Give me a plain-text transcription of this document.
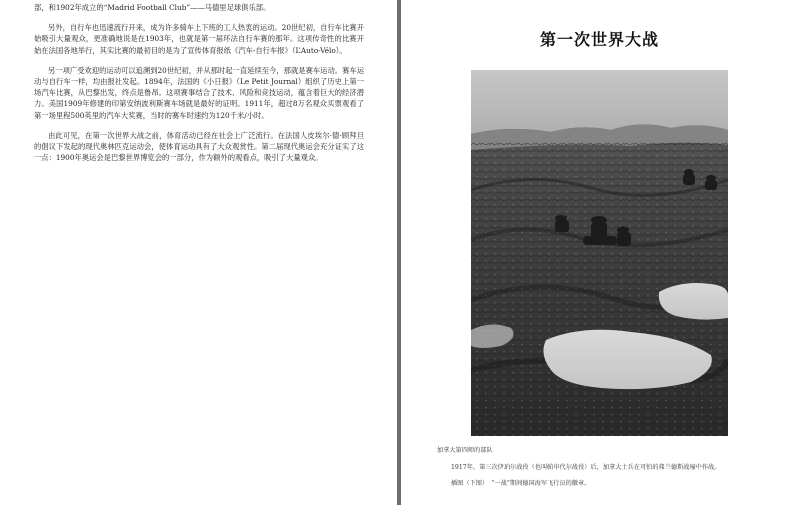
部，和1902年成立的“Madrid Football Club”——马德里足球俱乐部。

另外，自行车也迅速流行开来，成为许多骑车上下班的工人热衷的运动。20世纪初，自行车比赛开始吸引大量观众，更准确地说是在1903年，也就是第一届环法自行车赛的那年。这项传奇性的比赛开始在法国各地举行，其实比赛的最初目的是为了宣传体育报纸《汽车-自行车报》（L’Auto-Vélo）。

另一项广受欢迎的运动可以追溯到20世纪初，并从那时起一直延续至今，那就是赛车运动。赛车运动与自行车一样，均由报社发起。1894年，法国的《小日报》（Le Petit Journal）组织了历史上第一场汽车比赛，从巴黎出发，终点是鲁昂。这项赛事结合了技术、风险和竞技运动，蕴含着巨大的经济潜力。美国1909年修建的印第安纳波利斯赛车场就是最好的证明。1911年，超过8万名观众买票观看了第一场里程500英里的汽车大奖赛，当时的赛车时速约为120千米/小时。

由此可见，在第一次世界大战之前，体育活动已经在社会上广泛流行。在法国人皮埃尔·德·顾拜旦的倡议下发起的现代奥林匹克运动会，使体育运动具有了大众观赏性。第二届现代奥运会充分证实了这一点：1900年奥运会是巴黎世界博览会的一部分，作为额外的观看点，吸引了大量观众。

第一次世界大战
加拿大第四师的部队
1917年，第三次伊珀尔战役（也叫帕申代尔战役）后，加拿大士兵在可怕的弗兰德斯战壕中作战。
插图（下图）　“一战”期间德国海军飞行员的徽章。
